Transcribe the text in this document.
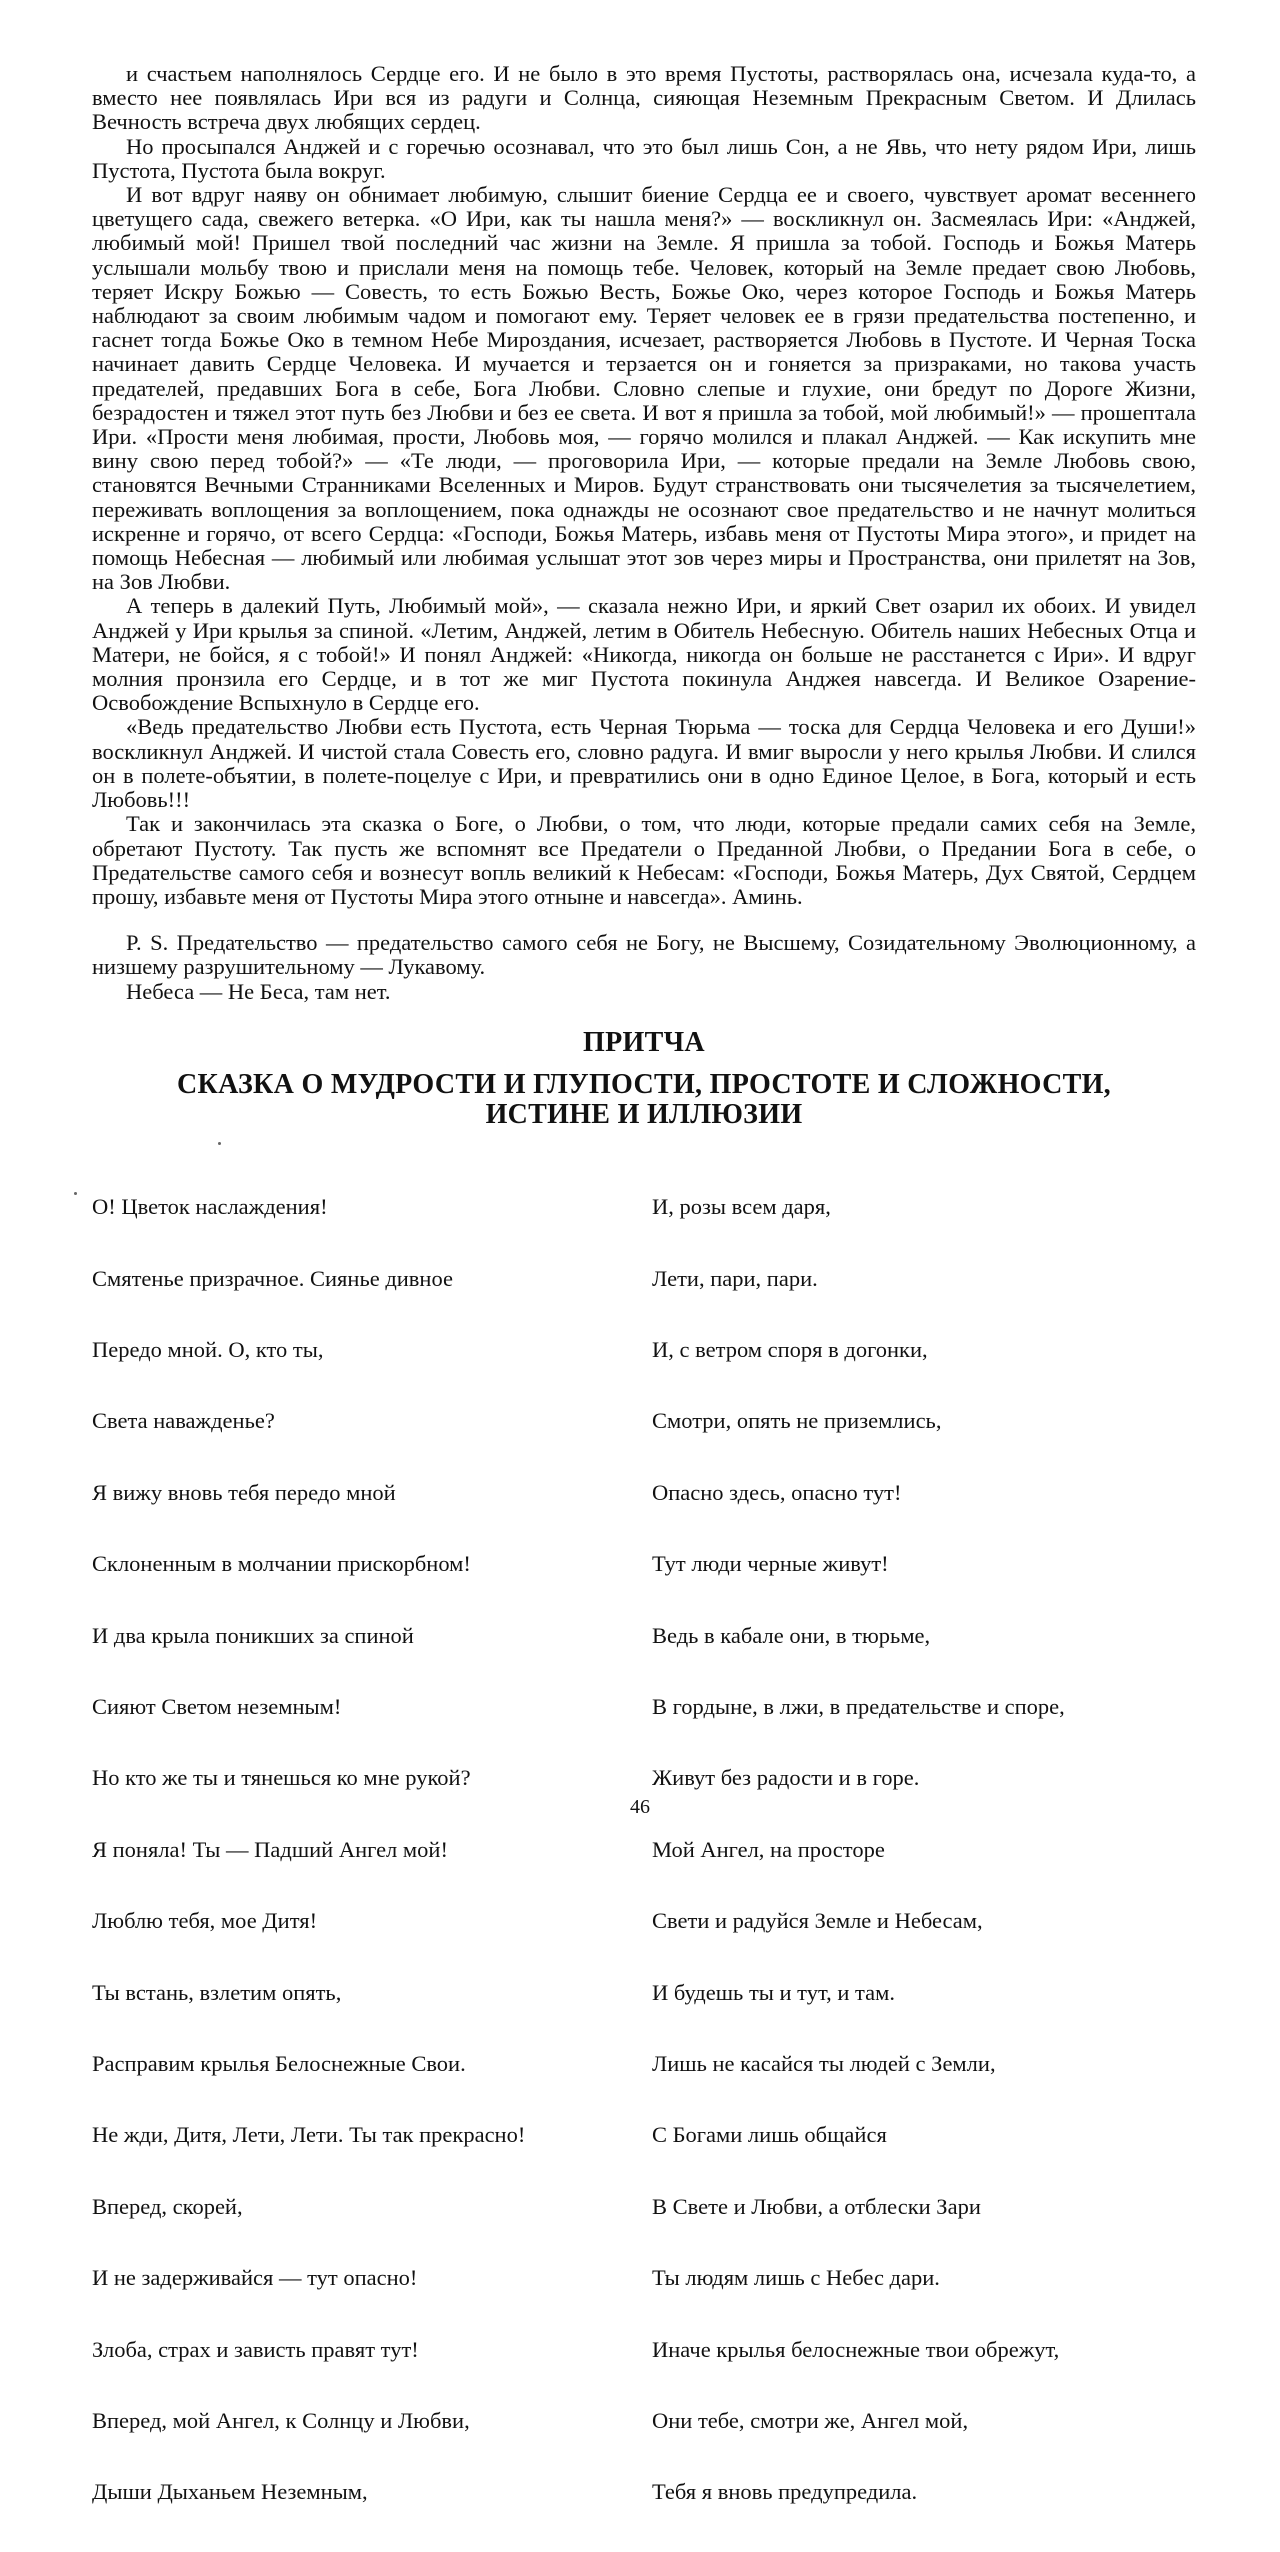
и счастьем наполнялось Сердце его. И не было в это время Пустоты, растворялась она, исчезала куда-то, а вместо нее появлялась Ири вся из радуги и Солнца, сияющая Неземным Прекрасным Светом. И Длилась Вечность встреча двух любящих сердец.

Но просыпался Анджей и с горечью осознавал, что это был лишь Сон, а не Явь, что нету рядом Ири, лишь Пустота, Пустота была вокруг.

И вот вдруг наяву он обнимает любимую, слышит биение Сердца ее и своего, чувствует аромат весеннего цветущего сада, свежего ветерка. «О Ири, как ты нашла меня?» — воскликнул он. Засмеялась Ири: «Анджей, любимый мой! Пришел твой последний час жизни на Земле. Я пришла за тобой. Господь и Божья Матерь услышали мольбу твою и прислали меня на помощь тебе. Человек, который на Земле предает свою Любовь, теряет Искру Божью — Совесть, то есть Божью Весть, Божье Око, через которое Господь и Божья Матерь наблюдают за своим любимым чадом и помогают ему. Теряет человек ее в грязи предательства постепенно, и гаснет тогда Божье Око в темном Небе Мироздания, исчезает, растворяется Любовь в Пустоте. И Черная Тоска начинает давить Сердце Человека. И мучается и терзается он и гоняется за призраками, но такова участь предателей, предавших Бога в себе, Бога Любви. Словно слепые и глухие, они бредут по Дороге Жизни, безрадостен и тяжел этот путь без Любви и без ее света. И вот я пришла за тобой, мой любимый!» — прошептала Ири. «Прости меня любимая, прости, Любовь моя, — горячо молился и плакал Анджей. — Как искупить мне вину свою перед тобой?» — «Те люди, — проговорила Ири, — которые предали на Земле Любовь свою, становятся Вечными Странниками Вселенных и Миров. Будут странствовать они тысячелетия за тысячелетием, переживать воплощения за воплощением, пока однажды не осознают свое предательство и не начнут молиться искренне и горячо, от всего Сердца: «Господи, Божья Матерь, избавь меня от Пустоты Мира этого», и придет на помощь Небесная — любимый или любимая услышат этот зов через миры и Пространства, они прилетят на Зов, на Зов Любви.

А теперь в далекий Путь, Любимый мой», — сказала нежно Ири, и яркий Свет озарил их обоих. И увидел Анджей у Ири крылья за спиной. «Летим, Анджей, летим в Обитель Небесную. Обитель наших Небесных Отца и Матери, не бойся, я с тобой!» И понял Анджей: «Никогда, никогда он больше не расстанется с Ири». И вдруг молния пронзила его Сердце, и в тот же миг Пустота покинула Анджея навсегда. И Великое Озарение-Освобождение Вспыхнуло в Сердце его.

«Ведь предательство Любви есть Пустота, есть Черная Тюрьма — тоска для Сердца Человека и его Души!» воскликнул Анджей. И чистой стала Совесть его, словно радуга. И вмиг выросли у него крылья Любви. И слился он в полете-объятии, в полете-поцелуе с Ири, и превратились они в одно Единое Целое, в Бога, который и есть Любовь!!!

Так и закончилась эта сказка о Боге, о Любви, о том, что люди, которые предали самих себя на Земле, обретают Пустоту. Так пусть же вспомнят все Предатели о Преданной Любви, о Предании Бога в себе, о Предательстве самого себя и вознесут вопль великий к Небесам: «Господи, Божья Матерь, Дух Святой, Сердцем прошу, избавьте меня от Пустоты Мира этого отныне и навсегда». Аминь.

P. S. Предательство — предательство самого себя не Богу, не Высшему, Созидательному Эволюционному, а низшему разрушительному — Лукавому.

Небеса — Не Беса, там нет.

ПРИТЧА
СКАЗКА О МУДРОСТИ И ГЛУПОСТИ, ПРОСТОТЕ И СЛОЖНОСТИ,
ИСТИНЕ И ИЛЛЮЗИИ

О! Цветок наслаждения!

Смятенье призрачное. Сиянье дивное

Передо мной. О, кто ты,

Света наважденье?

Я вижу вновь тебя передо мной

Склоненным в молчании прискорбном!

И два крыла поникших за спиной

Сияют Светом неземным!

Но кто же ты и тянешься ко мне рукой?

Я поняла! Ты — Падший Ангел мой!

Люблю тебя, мое Дитя!

Ты встань, взлетим опять,

Расправим крылья Белоснежные Свои.

Не жди, Дитя, Лети, Лети. Ты так прекрасно!

Вперед, скорей,

И не задерживайся — тут опасно!

Злоба, страх и зависть правят тут!

Вперед, мой Ангел, к Солнцу и Любви,

Дыши Дыханьем Неземным,

И, розы всем даря,

Лети, пари, пари.

И, с ветром споря в догонки,

Смотри, опять не приземлись,

Опасно здесь, опасно тут!

Тут люди черные живут!

Ведь в кабале они, в тюрьме,

В гордыне, в лжи, в предательстве и споре,

Живут без радости и в горе.

Мой Ангел, на просторе

Свети и радуйся Земле и Небесам,

И будешь ты и тут, и там.

Лишь не касайся ты людей с Земли,

С Богами лишь общайся

В Свете и Любви, а отблески Зари

Ты людям лишь с Небес дари.

Иначе крылья белоснежные твои обрежут,

Они тебе, смотри же, Ангел мой,

Тебя я вновь предупредила.

46
